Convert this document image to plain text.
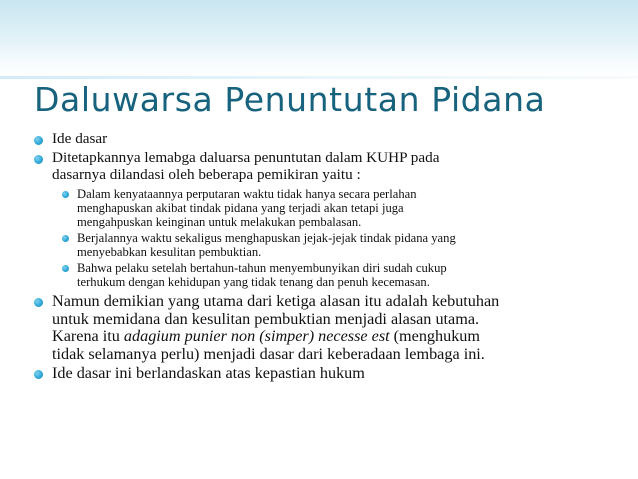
Daluwarsa Penuntutan Pidana
Ide dasar
Ditetapkannya lemabga daluarsa penuntutan dalam KUHP pada
dasarnya dilandasi oleh beberapa pemikiran yaitu :
Dalam kenyataannya perputaran waktu tidak hanya secara perlahan
menghapuskan akibat tindak pidana yang terjadi akan tetapi juga
mengahpuskan keinginan untuk melakukan pembalasan.
Berjalannya waktu sekaligus menghapuskan jejak-jejak tindak pidana yang
menyebabkan kesulitan pembuktian.
Bahwa pelaku setelah bertahun-tahun menyembunyikan diri sudah cukup
terhukum dengan kehidupan yang tidak tenang dan penuh kecemasan.
Namun demikian yang utama dari ketiga alasan itu adalah kebutuhan
untuk memidana dan kesulitan pembuktian menjadi alasan utama.
Karena itu adagium punier non (simper) necesse est (menghukum
tidak selamanya perlu) menjadi dasar dari keberadaan lembaga ini.
Ide dasar ini berlandaskan atas kepastian hukum
